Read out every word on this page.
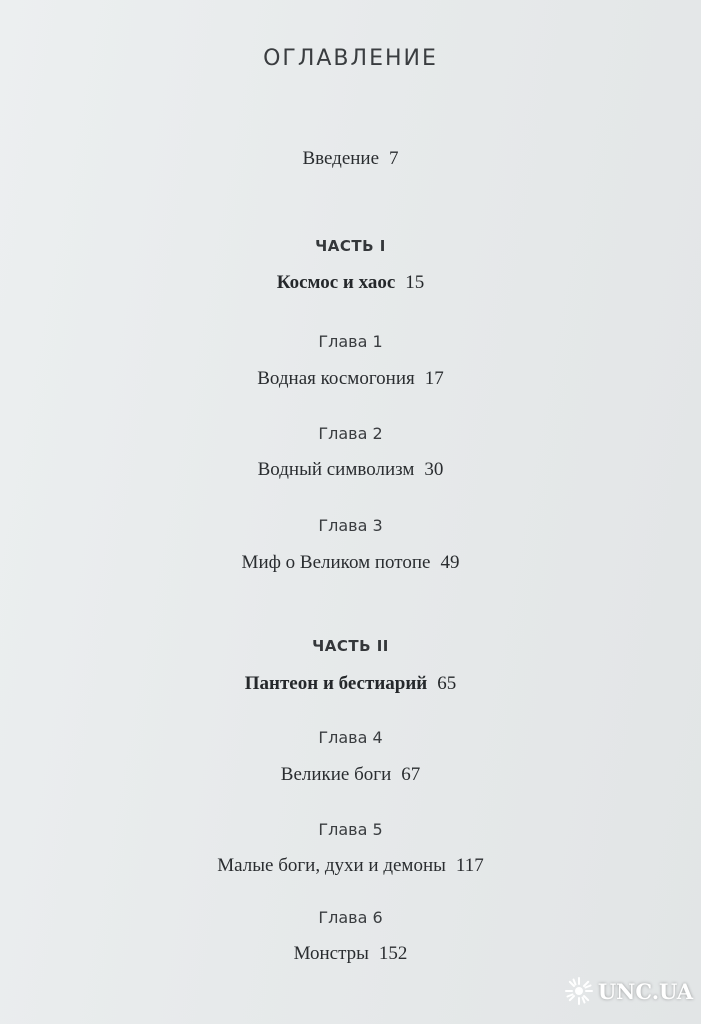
ОГЛАВЛЕНИЕ
Введение 7
ЧАСТЬ I
Космос и хаос 15
Глава 1
Водная космогония 17
Глава 2
Водный символизм 30
Глава 3
Миф о Великом потопе 49
ЧАСТЬ II
Пантеон и бестиарий 65
Глава 4
Великие боги 67
Глава 5
Малые боги, духи и демоны 117
Глава 6
Монстры 152
UNC.UA
